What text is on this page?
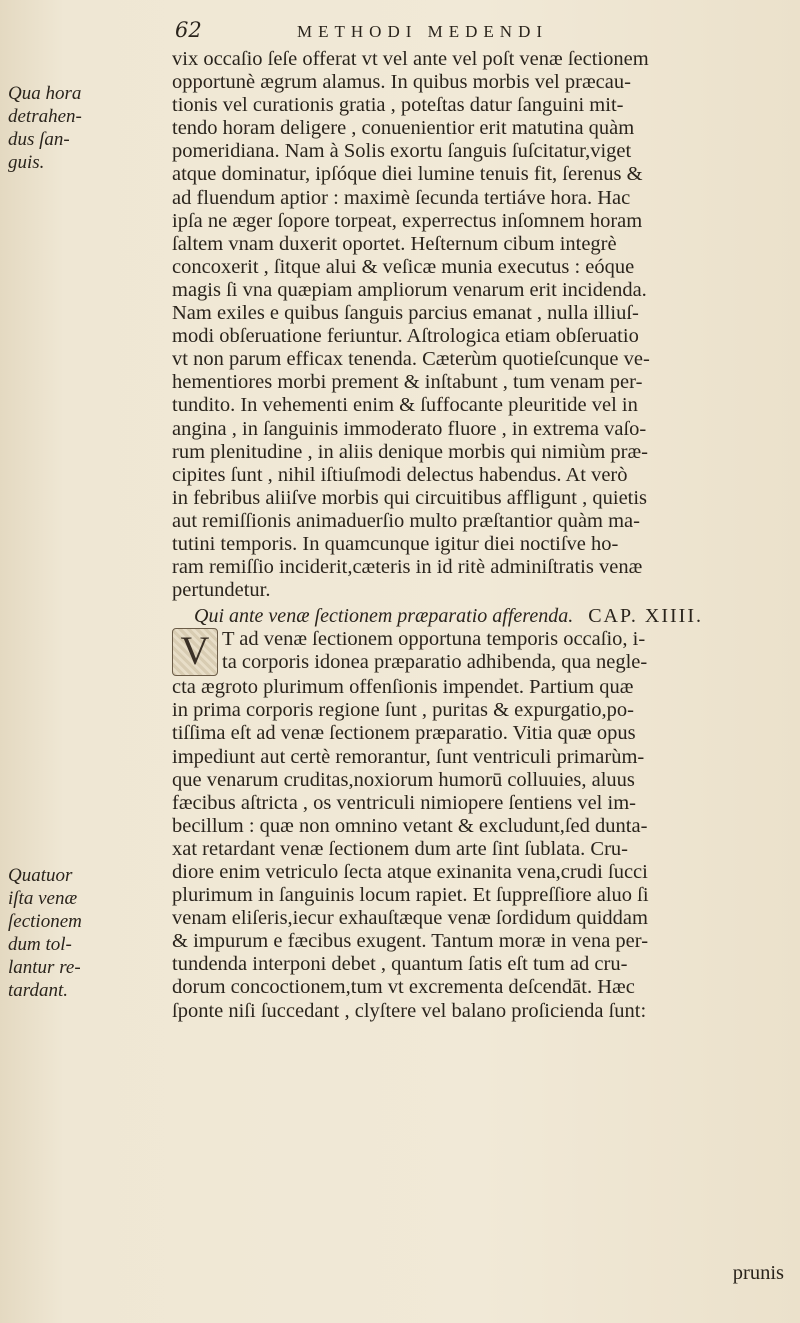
62	METHODI MEDENDI
Qua hora
detrahen-
dus ſan-
guis.
Quatuor
iſta venæ
ſectionem
dum tol-
lantur re-
tardant.
vix occaſio ſeſe offerat vt vel ante vel poſt venæ ſectionem
opportunè ægrum alamus. In quibus morbis vel præcau-
tionis vel curationis gratia , poteſtas datur ſanguini mit-
tendo horam deligere , conuenientior erit matutina quàm
pomeridiana. Nam à Solis exortu ſanguis ſuſcitatur,viget
atque dominatur, ipſóque diei lumine tenuis fit, ſerenus &
ad fluendum aptior : maximè ſecunda tertiáve hora. Hac
ipſa ne æger ſopore torpeat, experrectus inſomnem horam
ſaltem vnam duxerit oportet. Heſternum cibum integrè
concoxerit , ſitque alui & veſicæ munia executus : eóque
magis ſi vna quæpiam ampliorum venarum erit incidenda.
Nam exiles e quibus ſanguis parcius emanat , nulla illiuſ-
modi obſeruatione feriuntur. Aſtrologica etiam obſeruatio
vt non parum efficax tenenda. Cæterùm quotieſcunque ve-
hementiores morbi prement & inſtabunt , tum venam per-
tundito. In vehementi enim & ſuffocante pleuritide vel in
angina , in ſanguinis immoderato fluore , in extrema vaſo-
rum plenitudine , in aliis denique morbis qui nimiùm præ-
cipites ſunt , nihil iſtiuſmodi delectus habendus. At verò
in febribus aliiſve morbis qui circuitibus affligunt , quietis
aut remiſſionis animaduerſio multo præſtantior quàm ma-
tutini temporis. In quamcunque igitur diei noctiſve ho-
ram remiſſio inciderit,cæteris in id ritè adminiſtratis venæ
pertundetur.
Qui ante venæ ſectionem præparatio afferenda. CAP. XIIII.
V T ad venæ ſectionem opportuna temporis occaſio, i-
ta corporis idonea præparatio adhibenda, qua negle-
cta ægroto plurimum offenſionis impendet. Partium quæ
in prima corporis regione ſunt , puritas & expurgatio,po-
tiſſima eſt ad venæ ſectionem præparatio. Vitia quæ opus
impediunt aut certè remorantur, ſunt ventriculi primarùm-
que venarum cruditas,noxiorum humorū colluuies, aluus
fæcibus aſtricta , os ventriculi nimiopere ſentiens vel im-
becillum : quæ non omnino vetant & excludunt,ſed dunta-
xat retardant venæ ſectionem dum arte ſint ſublata. Cru-
diore enim vetriculo ſecta atque exinanita vena,crudi ſucci
plurimum in ſanguinis locum rapiet. Et ſuppreſſiore aluo ſi
venam eliſeris,iecur exhauſtæque venæ ſordidum quiddam
& impurum e fæcibus exugent. Tantum moræ in vena per-
tundenda interponi debet , quantum ſatis eſt tum ad cru-
dorum concoctionem,tum vt excrementa deſcendāt. Hæc
ſponte niſi ſuccedant , clyſtere vel balano proſicienda ſunt:
prunis
